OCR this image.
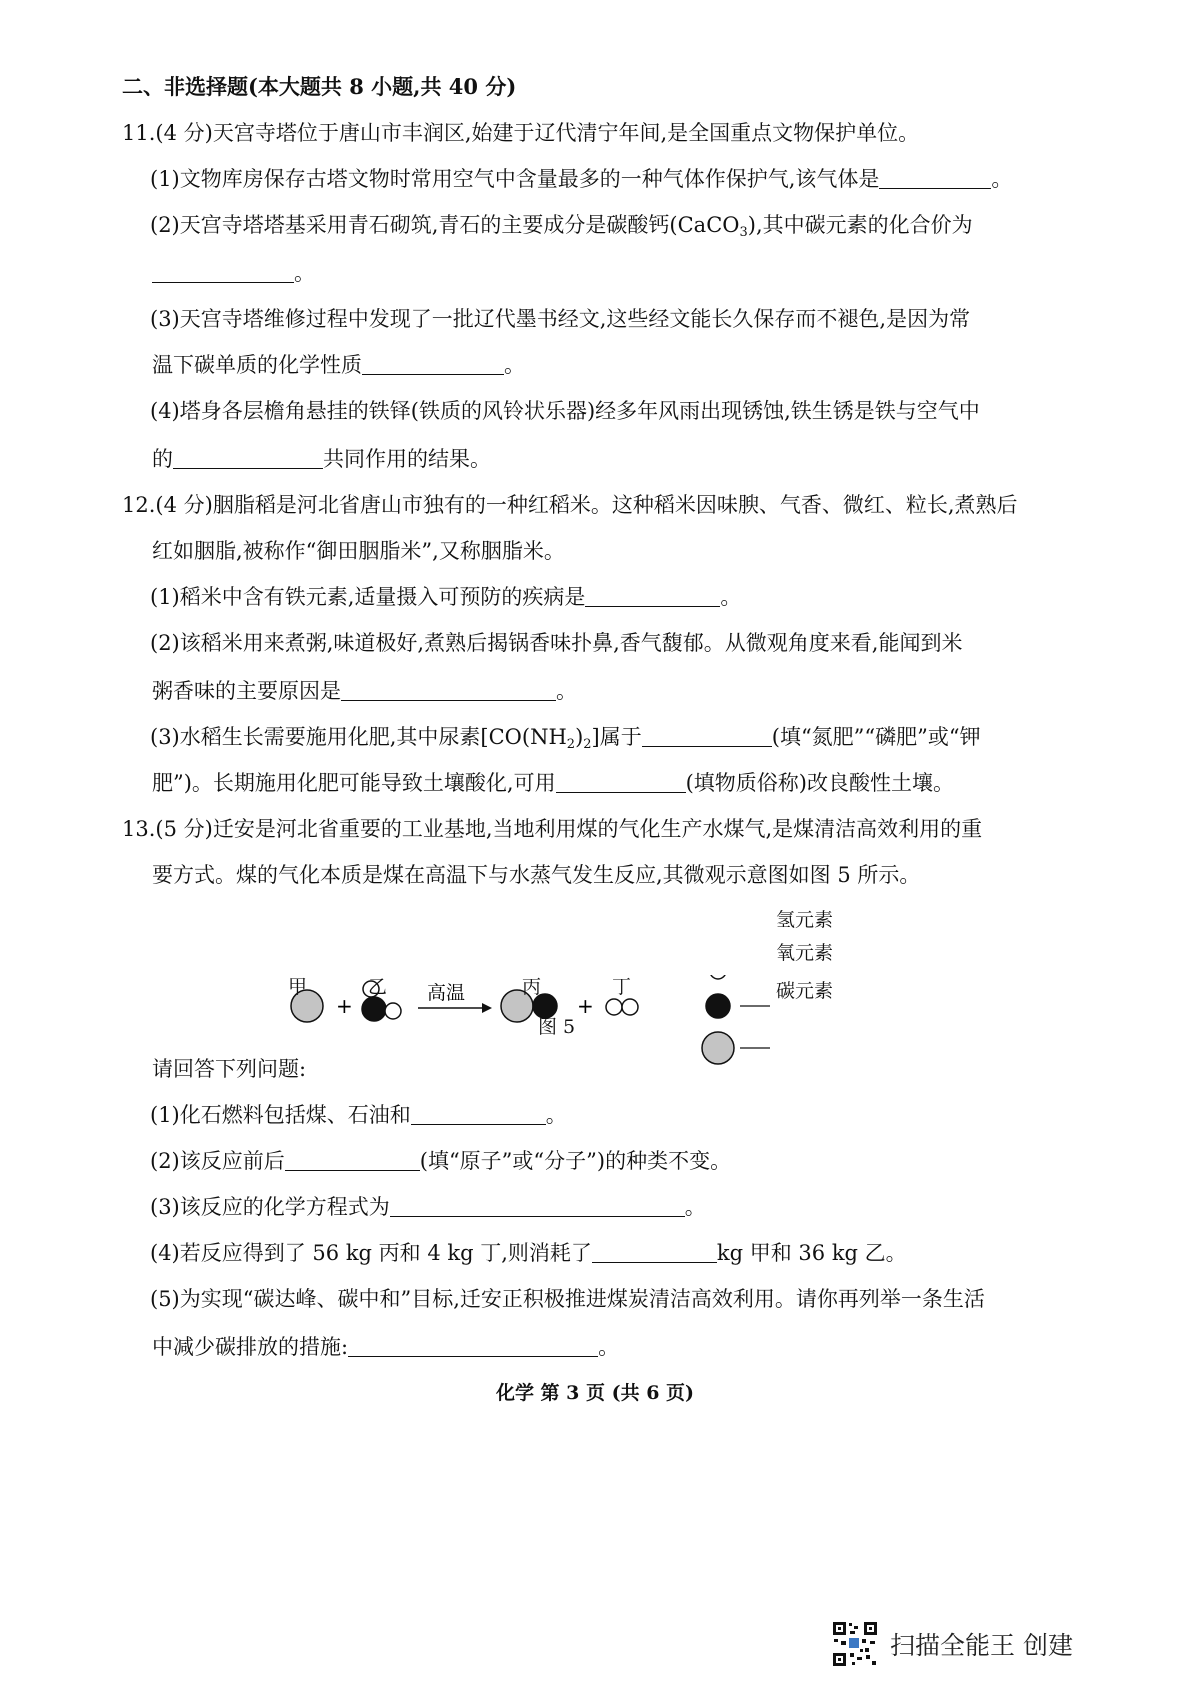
二、非选择题(本大题共 8 小题,共 40 分)
11.(4 分)天宫寺塔位于唐山市丰润区,始建于辽代清宁年间,是全国重点文物保护单位。
(1)文物库房保存古塔文物时常用空气中含量最多的一种气体作保护气,该气体是	。
(2)天宫寺塔塔基采用青石砌筑,青石的主要成分是碳酸钙(CaCO$_3$),其中碳元素的化合价为
。
(3)天宫寺塔维修过程中发现了一批辽代墨书经文,这些经文能长久保存而不褪色,是因为常
温下碳单质的化学性质	。
(4)塔身各层檐角悬挂的铁铎(铁质的风铃状乐器)经多年风雨出现锈蚀,铁生锈是铁与空气中
的	共同作用的结果。
12.(4 分)胭脂稻是河北省唐山市独有的一种红稻米。这种稻米因味腴、气香、微红、粒长,煮熟后
红如胭脂,被称作“御田胭脂米”,又称胭脂米。
(1)稻米中含有铁元素,适量摄入可预防的疾病是	。
(2)该稻米用来煮粥,味道极好,煮熟后揭锅香味扑鼻,香气馥郁。从微观角度来看,能闻到米
粥香味的主要原因是	。
(3)水稻生长需要施用化肥,其中尿素$[CO(NH_2)_2]$属于	(填“氮肥”“磷肥”或“钾
肥”)。长期施用化肥可能导致土壤酸化,可用	(填物质俗称)改良酸性土壤。
13.(5 分)迁安是河北省重要的工业基地,当地利用煤的气化生产水煤气,是煤清洁高效利用的重
要方式。煤的气化本质是煤在高温下与水蒸气发生反应,其微观示意图如图 5 所示。
+
高温
+
甲	乙	丙	丁
氢元素
氧元素
碳元素
图 5
请回答下列问题:
(1)化石燃料包括煤、石油和	。
(2)该反应前后	(填“原子”或“分子”)的种类不变。
(3)该反应的化学方程式为	。
(4)若反应得到了 56 kg 丙和 4 kg 丁,则消耗了	kg 甲和 36 kg 乙。
(5)为实现“碳达峰、碳中和”目标,迁安正积极推进煤炭清洁高效利用。请你再列举一条生活
中减少碳排放的措施:	。
化学 第 3 页 (共 6 页)
扫描全能王 创建
